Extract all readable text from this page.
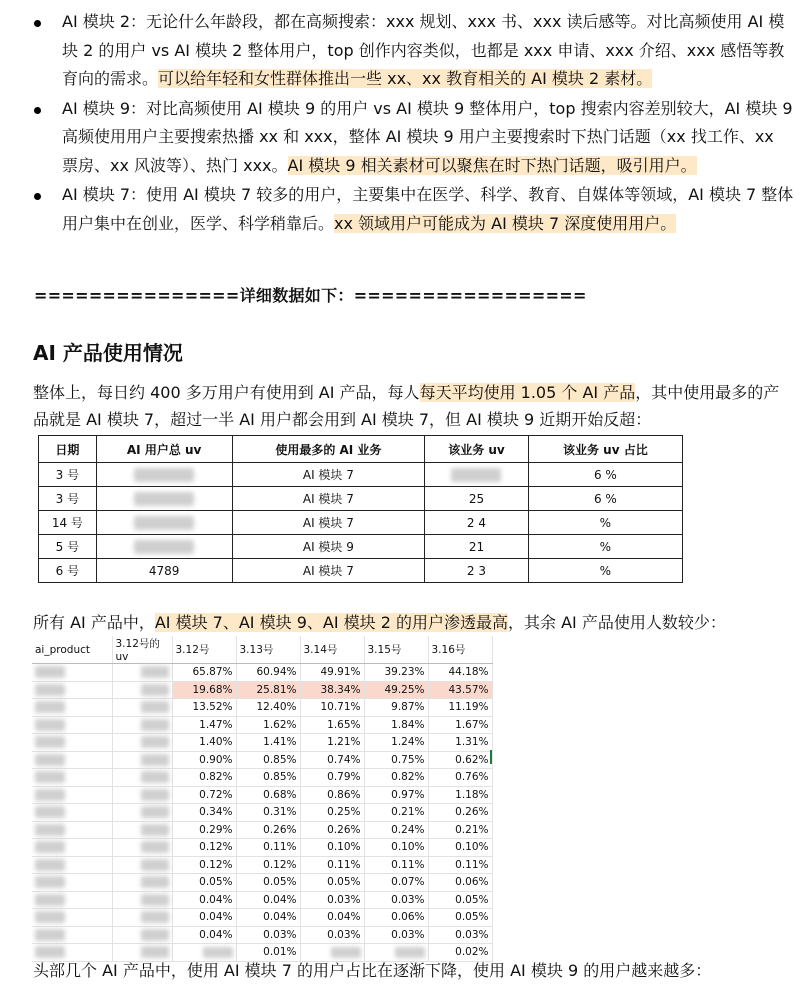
AI 模块 2：无论什么年龄段，都在高频搜索：xxx 规划、xxx 书、xxx 读后感等。对比高频使用 AI 模块 2 的用户 vs AI 模块 2 整体用户，top 创作内容类似，也都是 xxx 申请、xxx 介绍、xxx 感悟等教育向的需求。可以给年轻和女性群体推出一些 xx、xx 教育相关的 AI 模块 2 素材。
AI 模块 9：对比高频使用 AI 模块 9 的用户 vs AI 模块 9 整体用户，top 搜索内容差别较大，AI 模块 9 高频使用用户主要搜索热播 xx 和 xxx，整体 AI 模块 9 用户主要搜索时下热门话题（xx 找工作、xx 票房、xx 风波等）、热门 xxx。AI 模块 9 相关素材可以聚焦在时下热门话题，吸引用户。
AI 模块 7：使用 AI 模块 7 较多的用户，主要集中在医学、科学、教育、自媒体等领域，AI 模块 7 整体用户集中在创业，医学、科学稍靠后。xx 领域用户可能成为 AI 模块 7 深度使用用户。
===============详细数据如下：=================
AI 产品使用情况
整体上，每日约 400 多万用户有使用到 AI 产品，每人每天平均使用 1.05 个 AI 产品，其中使用最多的产品就是 AI 模块 7，超过一半 AI 用户都会用到 AI 模块 7，但 AI 模块 9 近期开始反超：
日期	AI 用户总 uv	使用最多的 AI 业务	该业务 uv	该业务 uv 占比
3 号		AI 模块 7		6 %
3 号		AI 模块 7	25	6 %
14 号		AI 模块 7	2 4	%
5 号		AI 模块 9	21	%
6 号	4789	AI 模块 7	2 3	%
所有 AI 产品中，AI 模块 7、AI 模块 9、AI 模块 2 的用户渗透最高，其余 AI 产品使用人数较少：
ai_product	3.12号的uv	3.12号	3.13号	3.14号	3.15号	3.16号
		65.87%	60.94%	49.91%	39.23%	44.18%
		19.68%	25.81%	38.34%	49.25%	43.57%
		13.52%	12.40%	10.71%	9.87%	11.19%
		1.47%	1.62%	1.65%	1.84%	1.67%
		1.40%	1.41%	1.21%	1.24%	1.31%
		0.90%	0.85%	0.74%	0.75%	0.62%
		0.82%	0.85%	0.79%	0.82%	0.76%
		0.72%	0.68%	0.86%	0.97%	1.18%
		0.34%	0.31%	0.25%	0.21%	0.26%
		0.29%	0.26%	0.26%	0.24%	0.21%
		0.12%	0.11%	0.10%	0.10%	0.10%
		0.12%	0.12%	0.11%	0.11%	0.11%
		0.05%	0.05%	0.05%	0.07%	0.06%
		0.04%	0.04%	0.03%	0.03%	0.05%
		0.04%	0.04%	0.04%	0.06%	0.05%
		0.04%	0.03%	0.03%	0.03%	0.03%
			0.01%			0.02%
头部几个 AI 产品中，使用 AI 模块 7 的用户占比在逐渐下降，使用 AI 模块 9 的用户越来越多：
